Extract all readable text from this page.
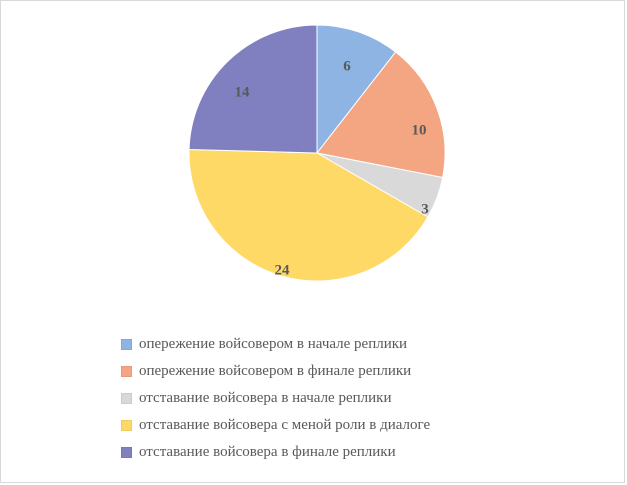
6
10
3
24
14
опережение войсовером в начале реплики
опережение войсовером в финале реплики
отставание войсовера в начале реплики
отставание войсовера с меной роли в диалоге
отставание войсовера в финале реплики
